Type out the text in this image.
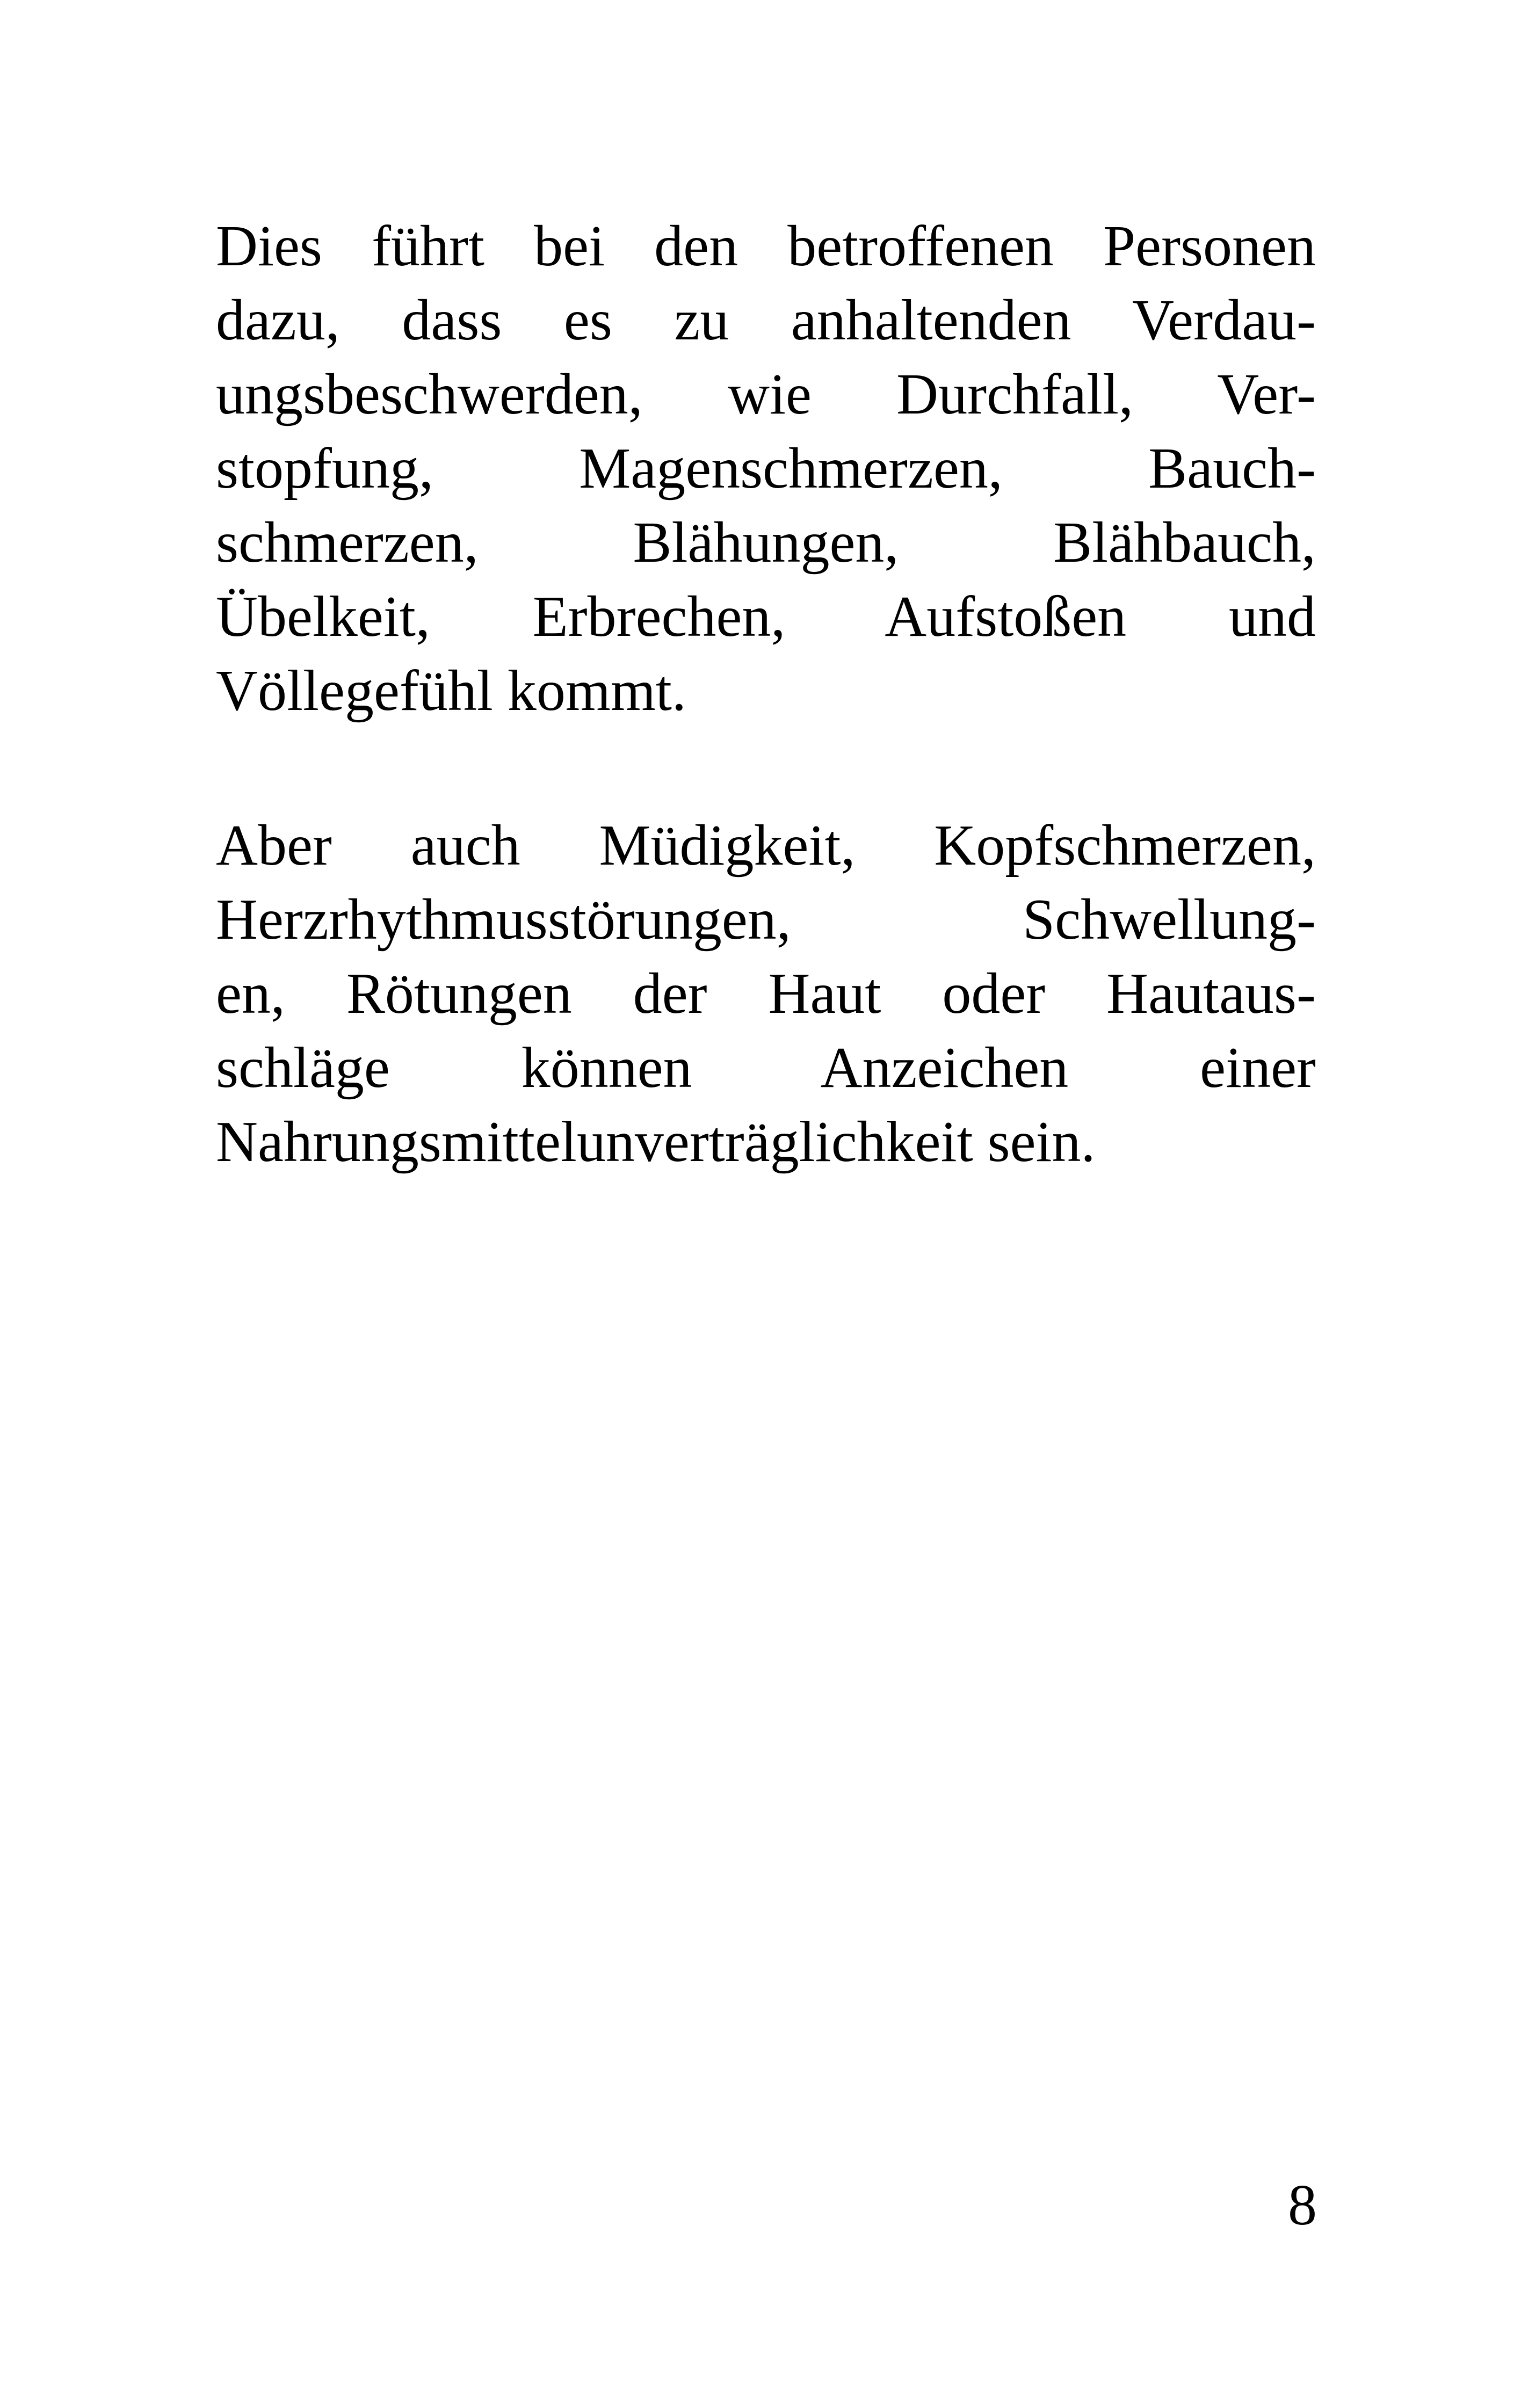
Dies führt bei den betroffenen Personen
dazu, dass es zu anhaltenden Verdau-
ungsbeschwerden, wie Durchfall, Ver-
stopfung, Magenschmerzen, Bauch-
schmerzen, Blähungen, Blähbauch,
Übelkeit, Erbrechen, Aufstoßen und
Völlegefühl kommt.
Aber auch Müdigkeit, Kopfschmerzen,
Herzrhythmusstörungen, Schwellung-
en, Rötungen der Haut oder Hautaus-
schläge können Anzeichen einer
Nahrungsmittelunverträglichkeit sein.
8
